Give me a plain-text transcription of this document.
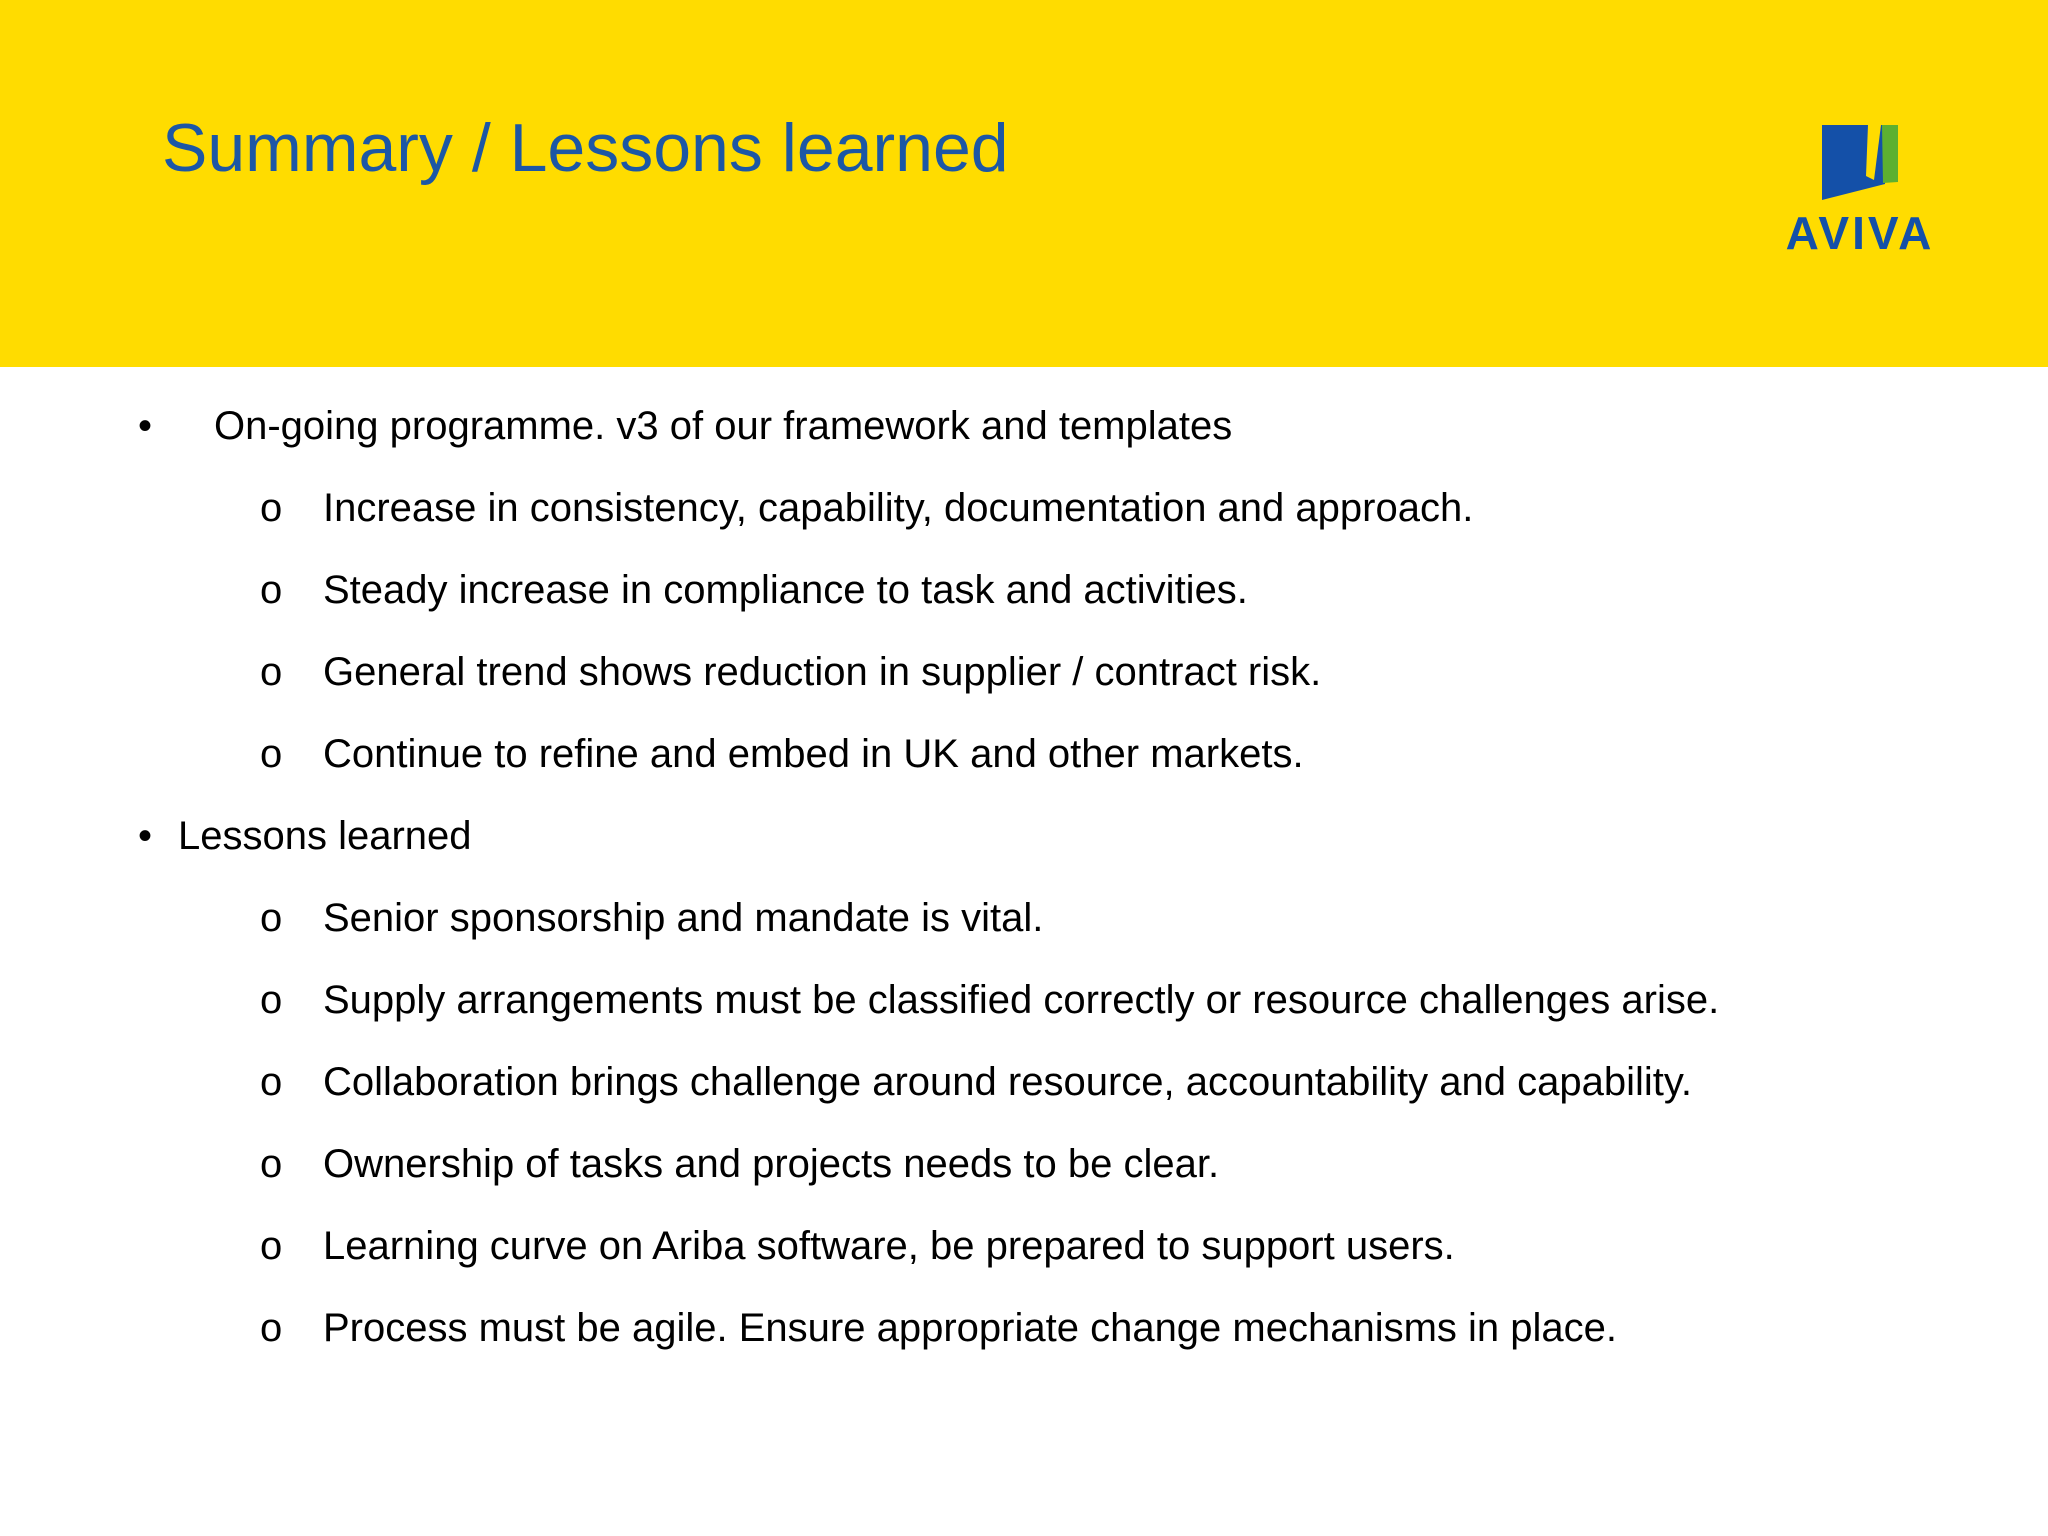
Summary / Lessons learned
AVIVA
• On-going programme. v3 of our framework and templates
o Increase in consistency, capability, documentation and approach.
o Steady increase in compliance to task and activities.
o General trend shows reduction in supplier / contract risk.
o Continue to refine and embed in UK and other markets.
• Lessons learned
o Senior sponsorship and mandate is vital.
o Supply arrangements must be classified correctly or resource challenges arise.
o Collaboration brings challenge around resource, accountability and capability.
o Ownership of tasks and projects needs to be clear.
o Learning curve on Ariba software, be prepared to support users.
o Process must be agile. Ensure appropriate change mechanisms in place.
